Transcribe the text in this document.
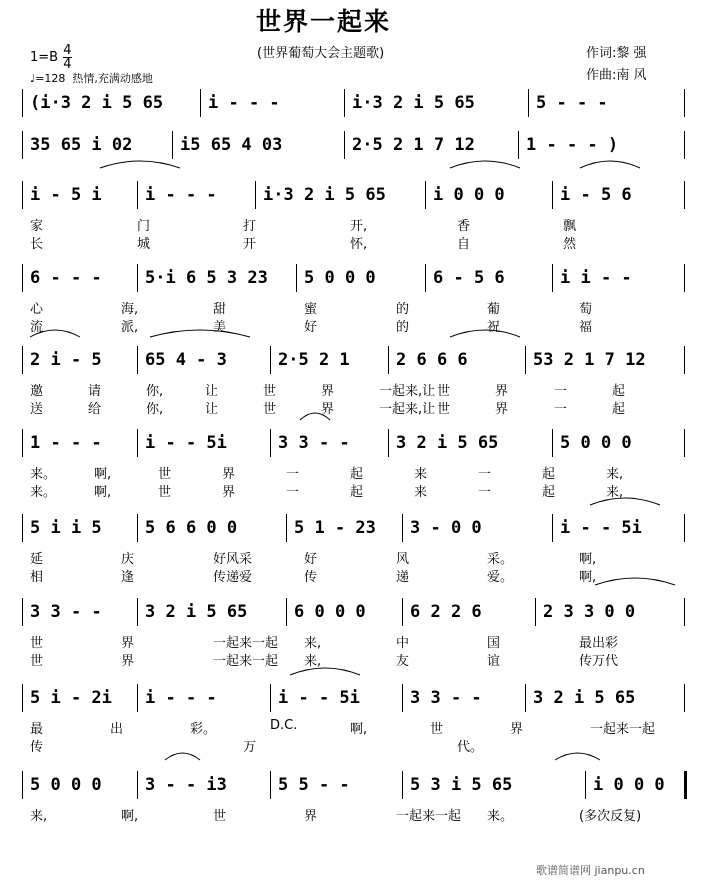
世界一起来
(世界葡萄大会主题歌)
$1=B \frac{4}{4}$
♩=128 热情,充满动感地
作词:黎 强
作曲:南 风
(i·3 2 i 5 65	i - - -	i·3 2 i 5 65	5 - - -
35 65 i 02	i5 65 4 03	2·5 2 1 7 12	1 - - - )
i - 5 i	i - - -	i·3 2 i 5 65	i 0 0 0	i - 5 6
家	门	打	开,	香	飘
长	城	开	怀,	自	然
6 - - -	5·i 6 5 3 23	5 0 0 0	6 - 5 6	i i - -
心	海,	甜	蜜	的	葡	萄
流	派,	美	好	的	祝	福
2 i - 5	65 4 - 3	2·5 2 1	2 6 6 6	53 2 1 7 12
邀	请	你,	让	世	界	一起来,让 世	界	一	起
送	给	你,	让	世	界	一起来,让 世	界	一	起
1 - - -	i - - 5i	3 3 - -	3 2 i 5 65	5 0 0 0
来。	啊,	世	界	一	起	来	一	起	来,
来。	啊,	世	界	一	起	来	一	起	来,
5 i i 5	5 6 6 0 0	5 1 - 23	3 - 0 0	i - - 5i
延	庆	好风采	好	风	采。	啊,
相	逢	传递爱	传	递	爱。	啊,
3 3 - -	3 2 i 5 65	6 0 0 0	6 2 2 6	2 3 3 0 0
世	界	一起来一起 来,	中	国	最出彩
世	界	一起来一起 来,	友	谊	传万代
5 i - 2i	i - - -	i - - 5i	3 3 - -	3 2 i 5 65
最	出	彩。	D.C.	啊,	世	界	一起来一起
传	万	代。
5 0 0 0	3 - - i3	5 5 - -	5 3 i 5 65	i 0 0 0
来,	啊,	世	界	一起来一起 来。	(多次反复)
歌谱简谱网 jianpu.cn
